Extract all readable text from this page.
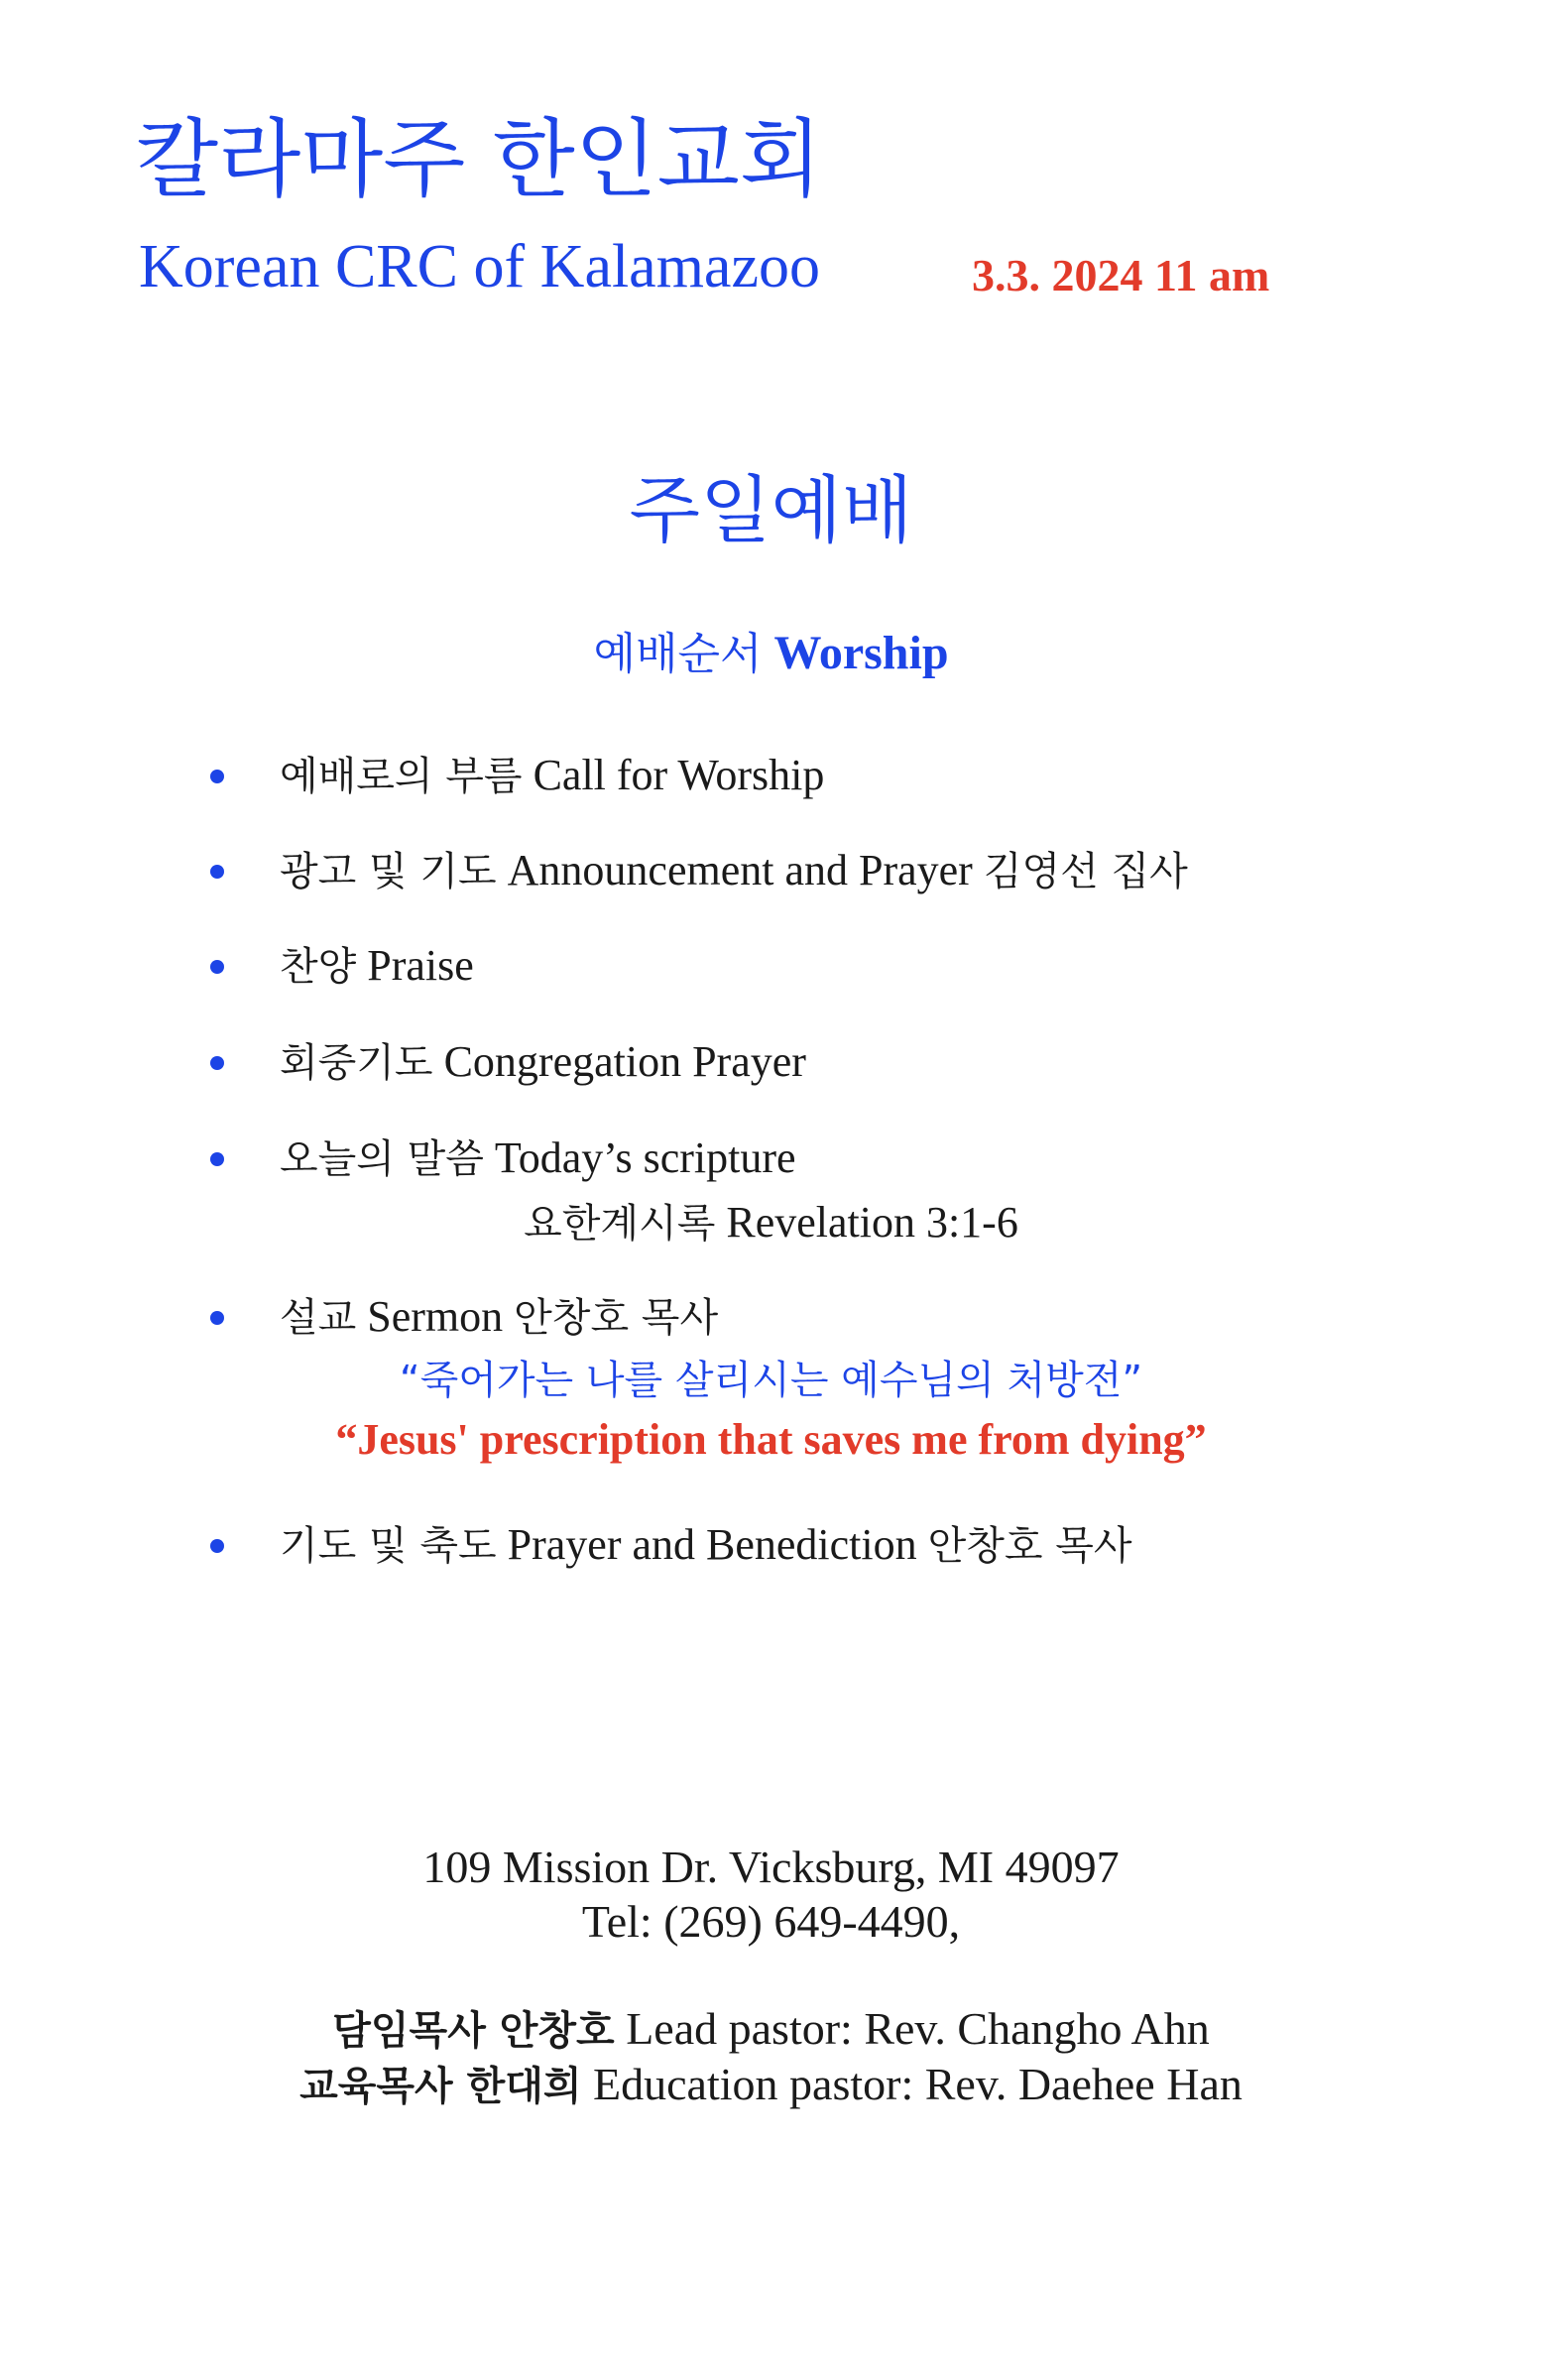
칼라마주 한인교회
Korean CRC of Kalamazoo	3.3. 2024 11 am
주일예배
예배순서 Worship
예배로의 부름 Call for Worship
광고 및 기도 Announcement and Prayer 김영선 집사
찬양 Praise
회중기도 Congregation Prayer
오늘의 말씀 Today’s scripture
요한계시록 Revelation 3:1-6
설교 Sermon 안창호 목사
“죽어가는 나를 살리시는 예수님의 처방전”
“Jesus' prescription that saves me from dying”
기도 및 축도 Prayer and Benediction 안창호 목사
109 Mission Dr. Vicksburg, MI 49097
Tel: (269) 649-4490,
담임목사 안창호 Lead pastor: Rev. Changho Ahn
교육목사 한대희 Education pastor: Rev. Daehee Han
